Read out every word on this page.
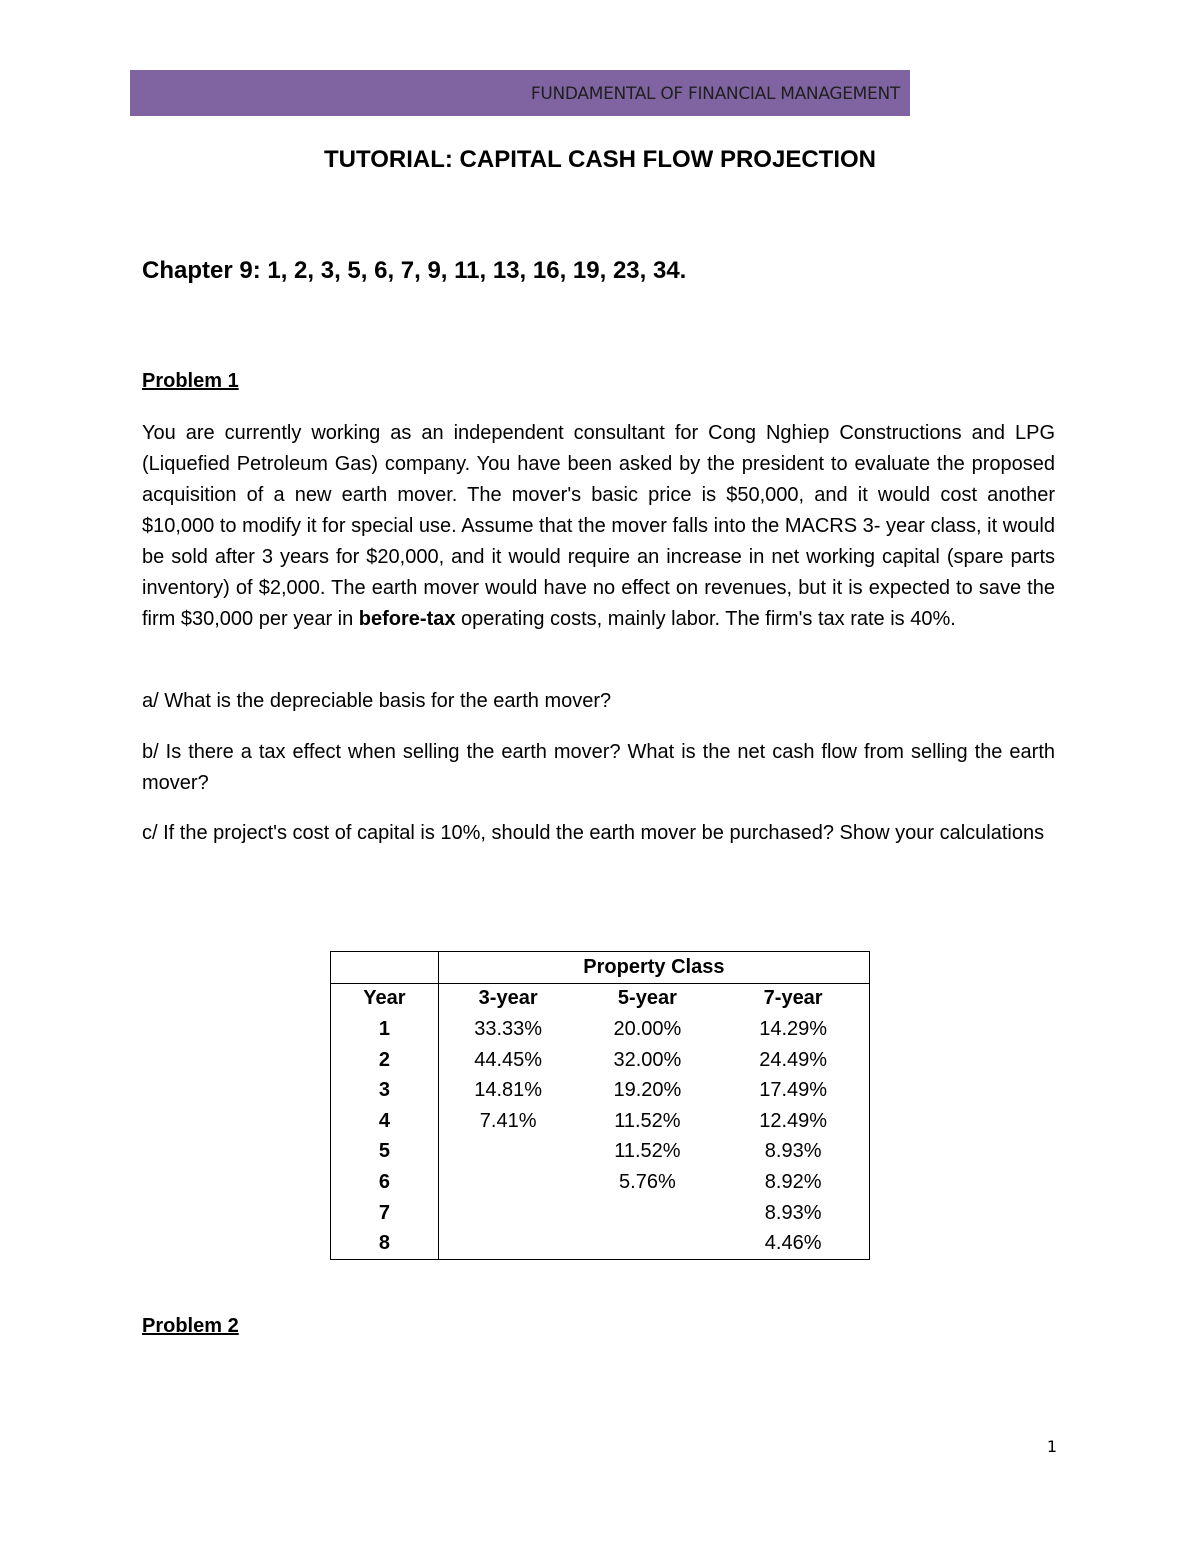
FUNDAMENTAL OF FINANCIAL MANAGEMENT
TUTORIAL: CAPITAL CASH FLOW PROJECTION
Chapter 9: 1, 2, 3, 5, 6, 7, 9, 11, 13, 16, 19, 23, 34.
Problem 1
You are currently working as an independent consultant for Cong Nghiep Constructions and LPG (Liquefied Petroleum Gas) company. You have been asked by the president to evaluate the proposed acquisition of a new earth mover. The mover's basic price is $50,000, and it would cost another $10,000 to modify it for special use. Assume that the mover falls into the MACRS 3- year class, it would be sold after 3 years for $20,000, and it would require an increase in net working capital (spare parts inventory) of $2,000. The earth mover would have no effect on revenues, but it is expected to save the firm $30,000 per year in before-tax operating costs, mainly labor. The firm's tax rate is 40%.
a/ What is the depreciable basis for the earth mover?
b/ Is there a tax effect when selling the earth mover? What is the net cash flow from selling the earth mover?
c/ If the project's cost of capital is 10%, should the earth mover be purchased? Show your calculations
	Property Class		
Year	3-year	5-year	7-year
1	33.33%	20.00%	14.29%
2	44.45%	32.00%	24.49%
3	14.81%	19.20%	17.49%
4	7.41%	11.52%	12.49%
5		11.52%	8.93%
6		5.76%	8.92%
7			8.93%
8			4.46%
Problem 2
1
